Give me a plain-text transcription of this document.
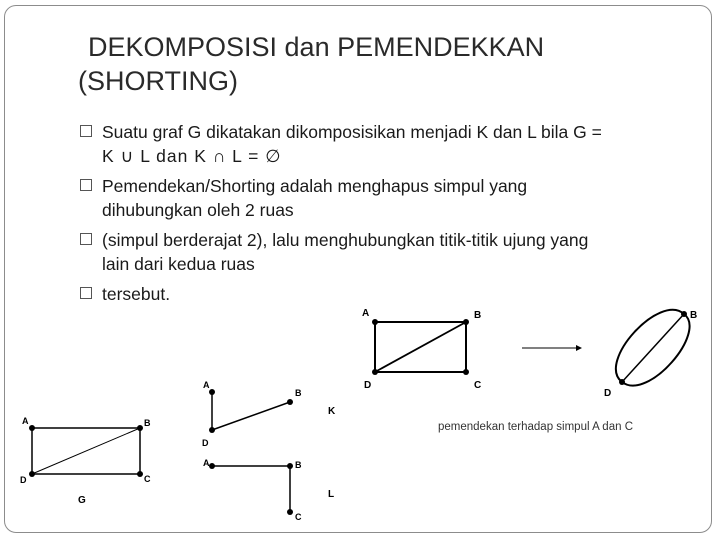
DEKOMPOSISI dan PEMENDEKKAN
(SHORTING)
Suatu graf G dikatakan dikomposisikan menjadi K dan L bila G =
K ∪ L dan K ∩ L = ∅
Pemendekan/Shorting adalah menghapus simpul yang
dihubungkan oleh 2 ruas
(simpul berderajat 2), lalu menghubungkan titik-titik ujung yang
lain dari kedua ruas
tersebut.
A	B
C
D
G
A
B
D
K
A	B
C
L
A	B
C
D
B
D
pemendekan terhadap simpul A dan C
